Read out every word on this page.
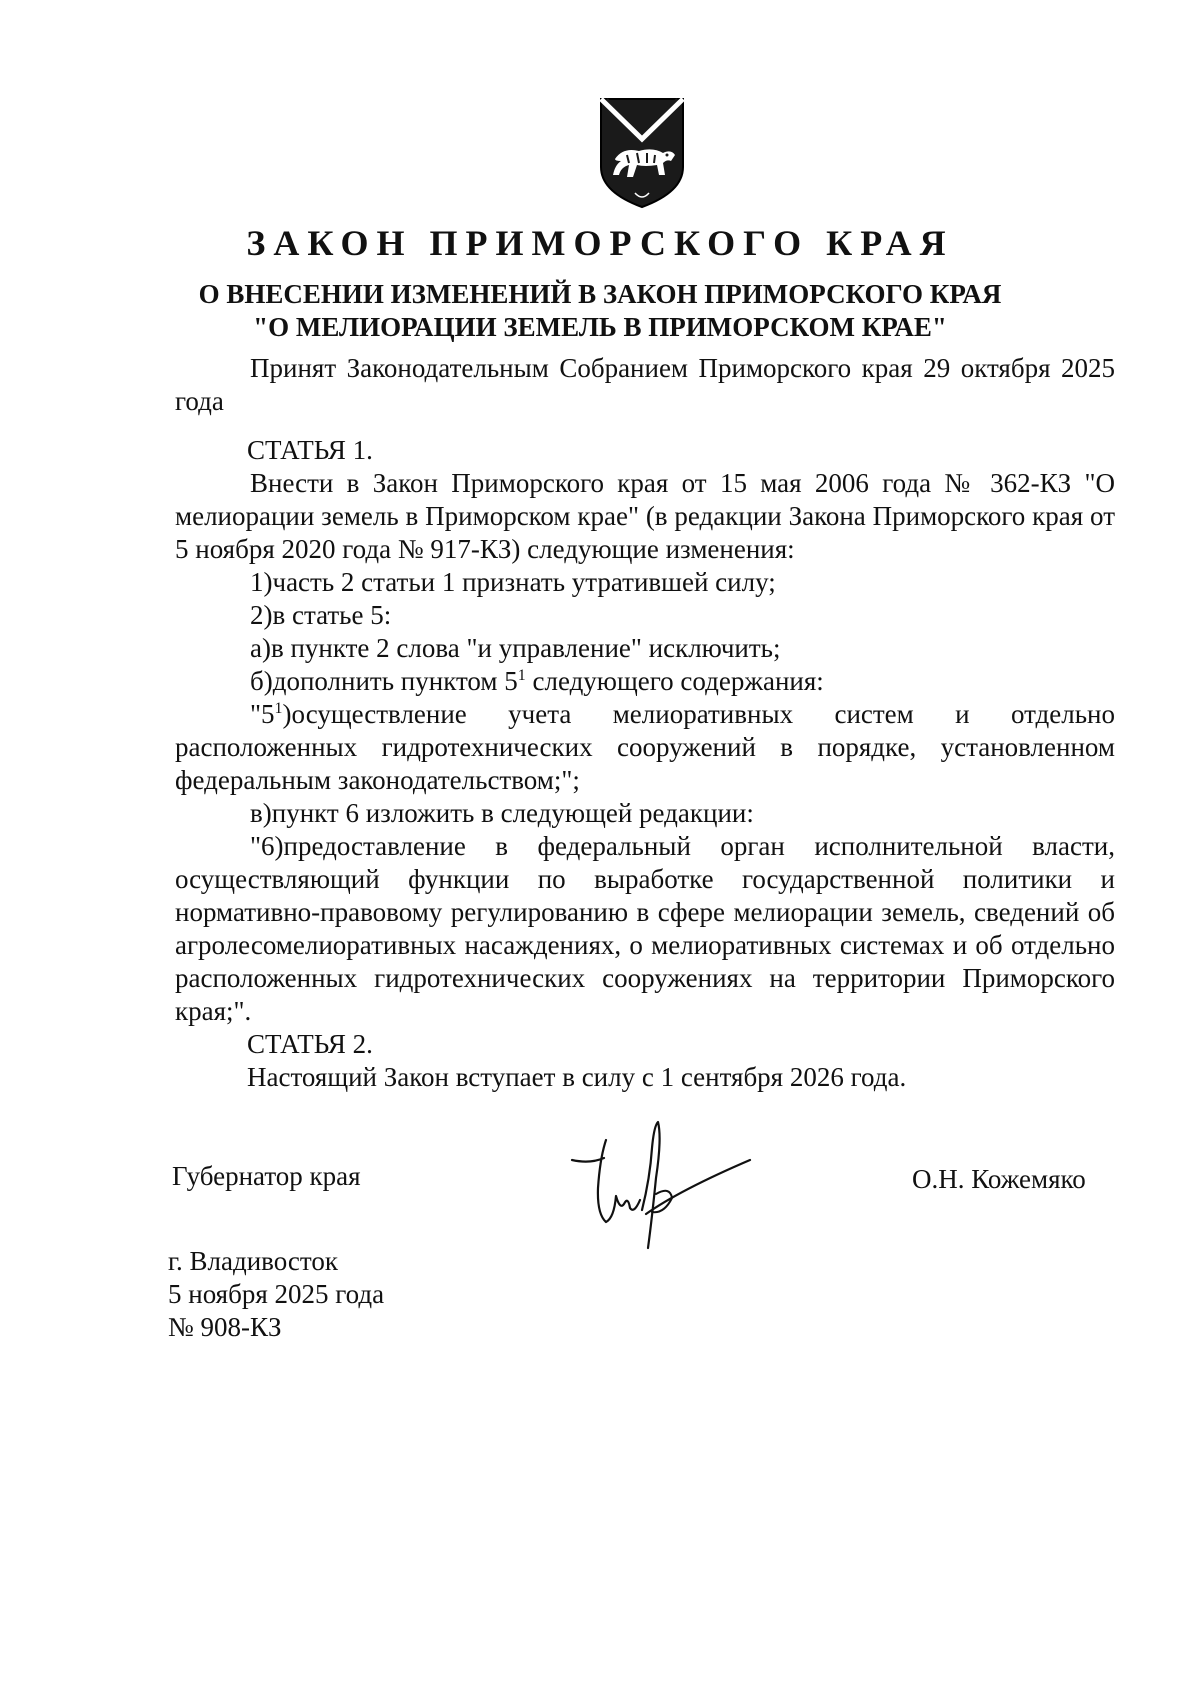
ЗАКОН ПРИМОРСКОГО КРАЯ
О ВНЕСЕНИИ ИЗМЕНЕНИЙ В ЗАКОН ПРИМОРСКОГО КРАЯ
"О МЕЛИОРАЦИИ ЗЕМЕЛЬ В ПРИМОРСКОМ КРАЕ"

Принят Законодательным Собранием Приморского края 29 октября 2025 года

СТАТЬЯ 1.

Внести в Закон Приморского края от 15 мая 2006 года № 362-КЗ "О мелиорации земель в Приморском крае" (в редакции Закона Приморского края от 5 ноября 2020 года № 917-КЗ) следующие изменения:

1)часть 2 статьи 1 признать утратившей силу;

2)в статье 5:

а)в пункте 2 слова "и управление" исключить;

б)дополнить пунктом $5^1$ следующего содержания:

"$5^1)осуществление$ учета мелиоративных систем и отдельно расположенных гидротехнических сооружений в порядке, установленном федеральным законодательством;";

в)пункт 6 изложить в следующей редакции:

"6)предоставление в федеральный орган исполнительной власти, осуществляющий функции по выработке государственной политики и нормативно-правовому регулированию в сфере мелиорации земель, сведений об агролесомелиоративных насаждениях, о мелиоративных системах и об отдельно расположенных гидротехнических сооружениях на территории Приморского края;".

СТАТЬЯ 2.

Настоящий Закон вступает в силу с 1 сентября 2026 года.

Губернатор края	О.Н. Кожемяко

г. Владивосток

5 ноября 2025 года

№ 908-КЗ
